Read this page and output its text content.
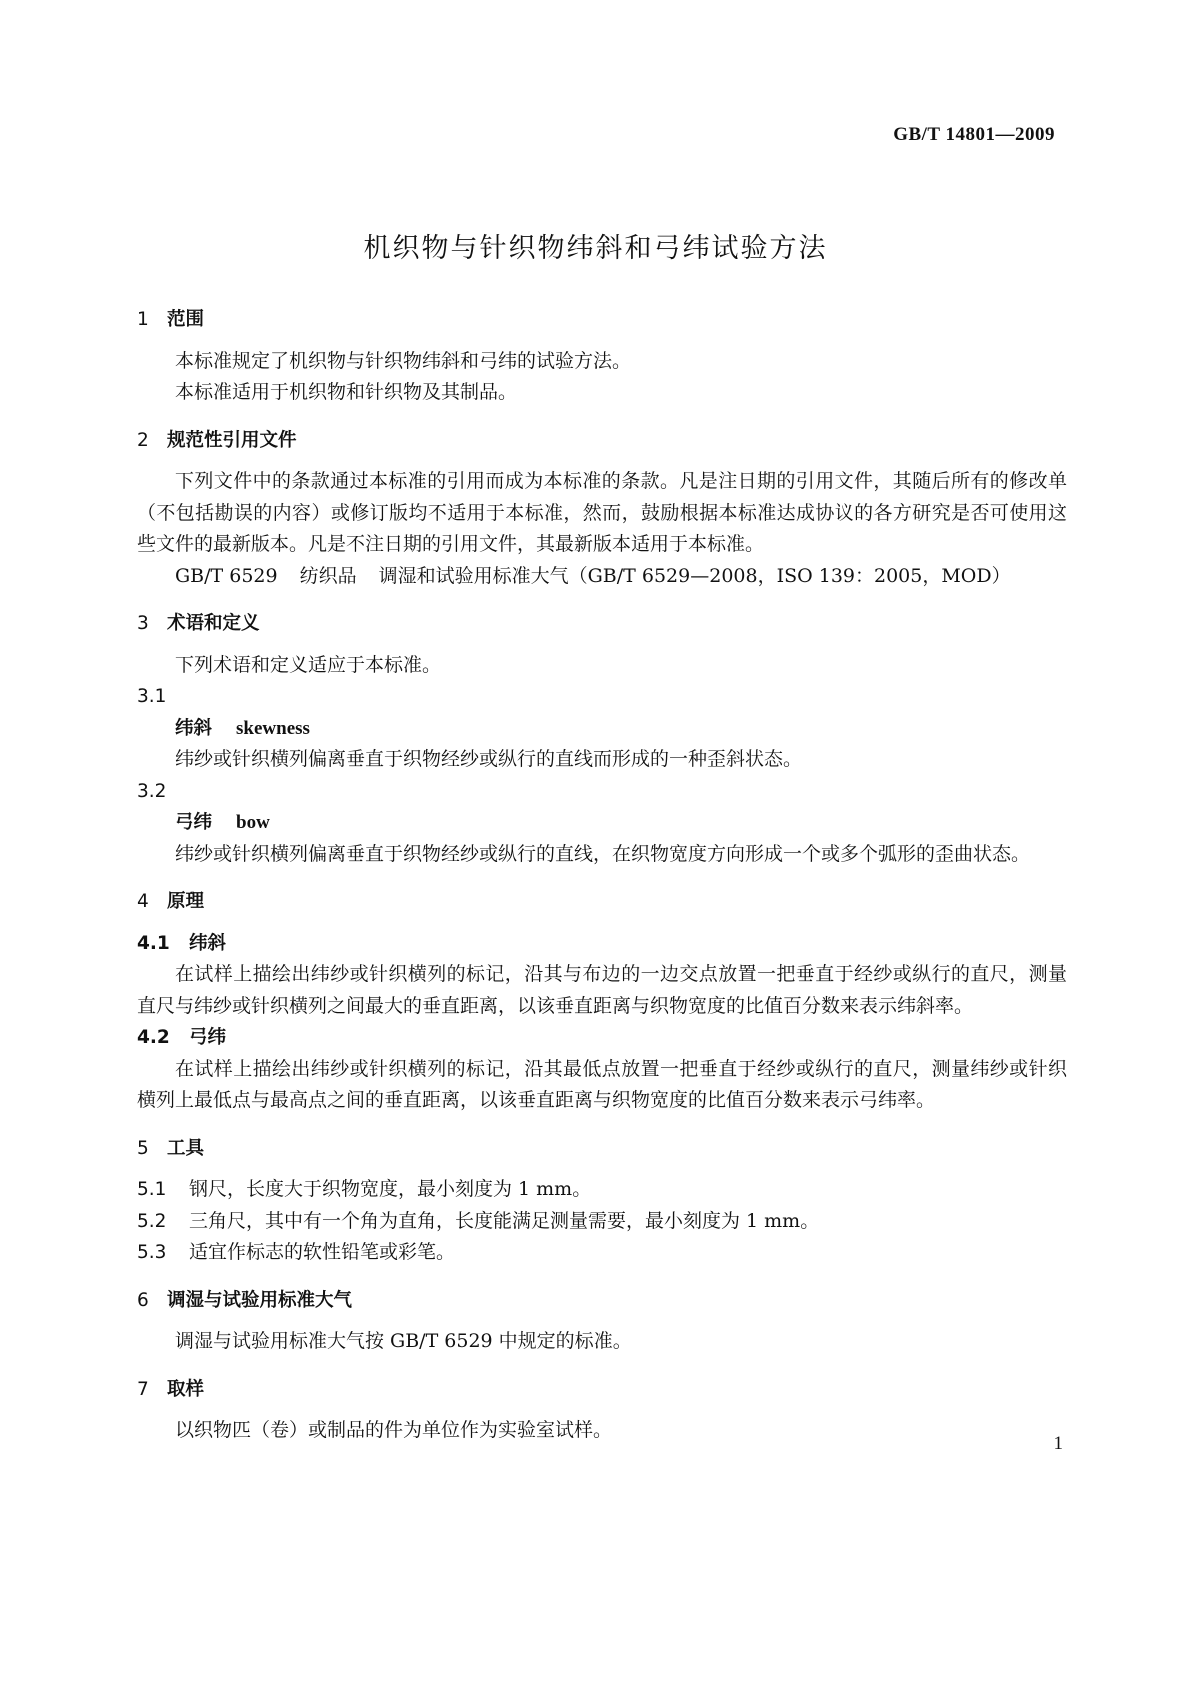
GB/T 14801—2009
机织物与针织物纬斜和弓纬试验方法
1 范围
本标准规定了机织物与针织物纬斜和弓纬的试验方法。
本标准适用于机织物和针织物及其制品。
2 规范性引用文件
下列文件中的条款通过本标准的引用而成为本标准的条款。凡是注日期的引用文件，其随后所有的修改单（不包括勘误的内容）或修订版均不适用于本标准，然而，鼓励根据本标准达成协议的各方研究是否可使用这些文件的最新版本。凡是不注日期的引用文件，其最新版本适用于本标准。
GB/T 6529 纺织品 调湿和试验用标准大气（GB/T 6529—2008，ISO 139：2005，MOD）
3 术语和定义
下列术语和定义适应于本标准。
3.1
纬斜 skewness
纬纱或针织横列偏离垂直于织物经纱或纵行的直线而形成的一种歪斜状态。
3.2
弓纬 bow
纬纱或针织横列偏离垂直于织物经纱或纵行的直线，在织物宽度方向形成一个或多个弧形的歪曲状态。
4 原理
4.1 纬斜
在试样上描绘出纬纱或针织横列的标记，沿其与布边的一边交点放置一把垂直于经纱或纵行的直尺，测量直尺与纬纱或针织横列之间最大的垂直距离，以该垂直距离与织物宽度的比值百分数来表示纬斜率。
4.2 弓纬
在试样上描绘出纬纱或针织横列的标记，沿其最低点放置一把垂直于经纱或纵行的直尺，测量纬纱或针织横列上最低点与最高点之间的垂直距离，以该垂直距离与织物宽度的比值百分数来表示弓纬率。
5 工具
5.1 钢尺，长度大于织物宽度，最小刻度为 1 mm。
5.2 三角尺，其中有一个角为直角，长度能满足测量需要，最小刻度为 1 mm。
5.3 适宜作标志的软性铅笔或彩笔。
6 调湿与试验用标准大气
调湿与试验用标准大气按 GB/T 6529 中规定的标准。
7 取样
以织物匹（卷）或制品的件为单位作为实验室试样。
1
